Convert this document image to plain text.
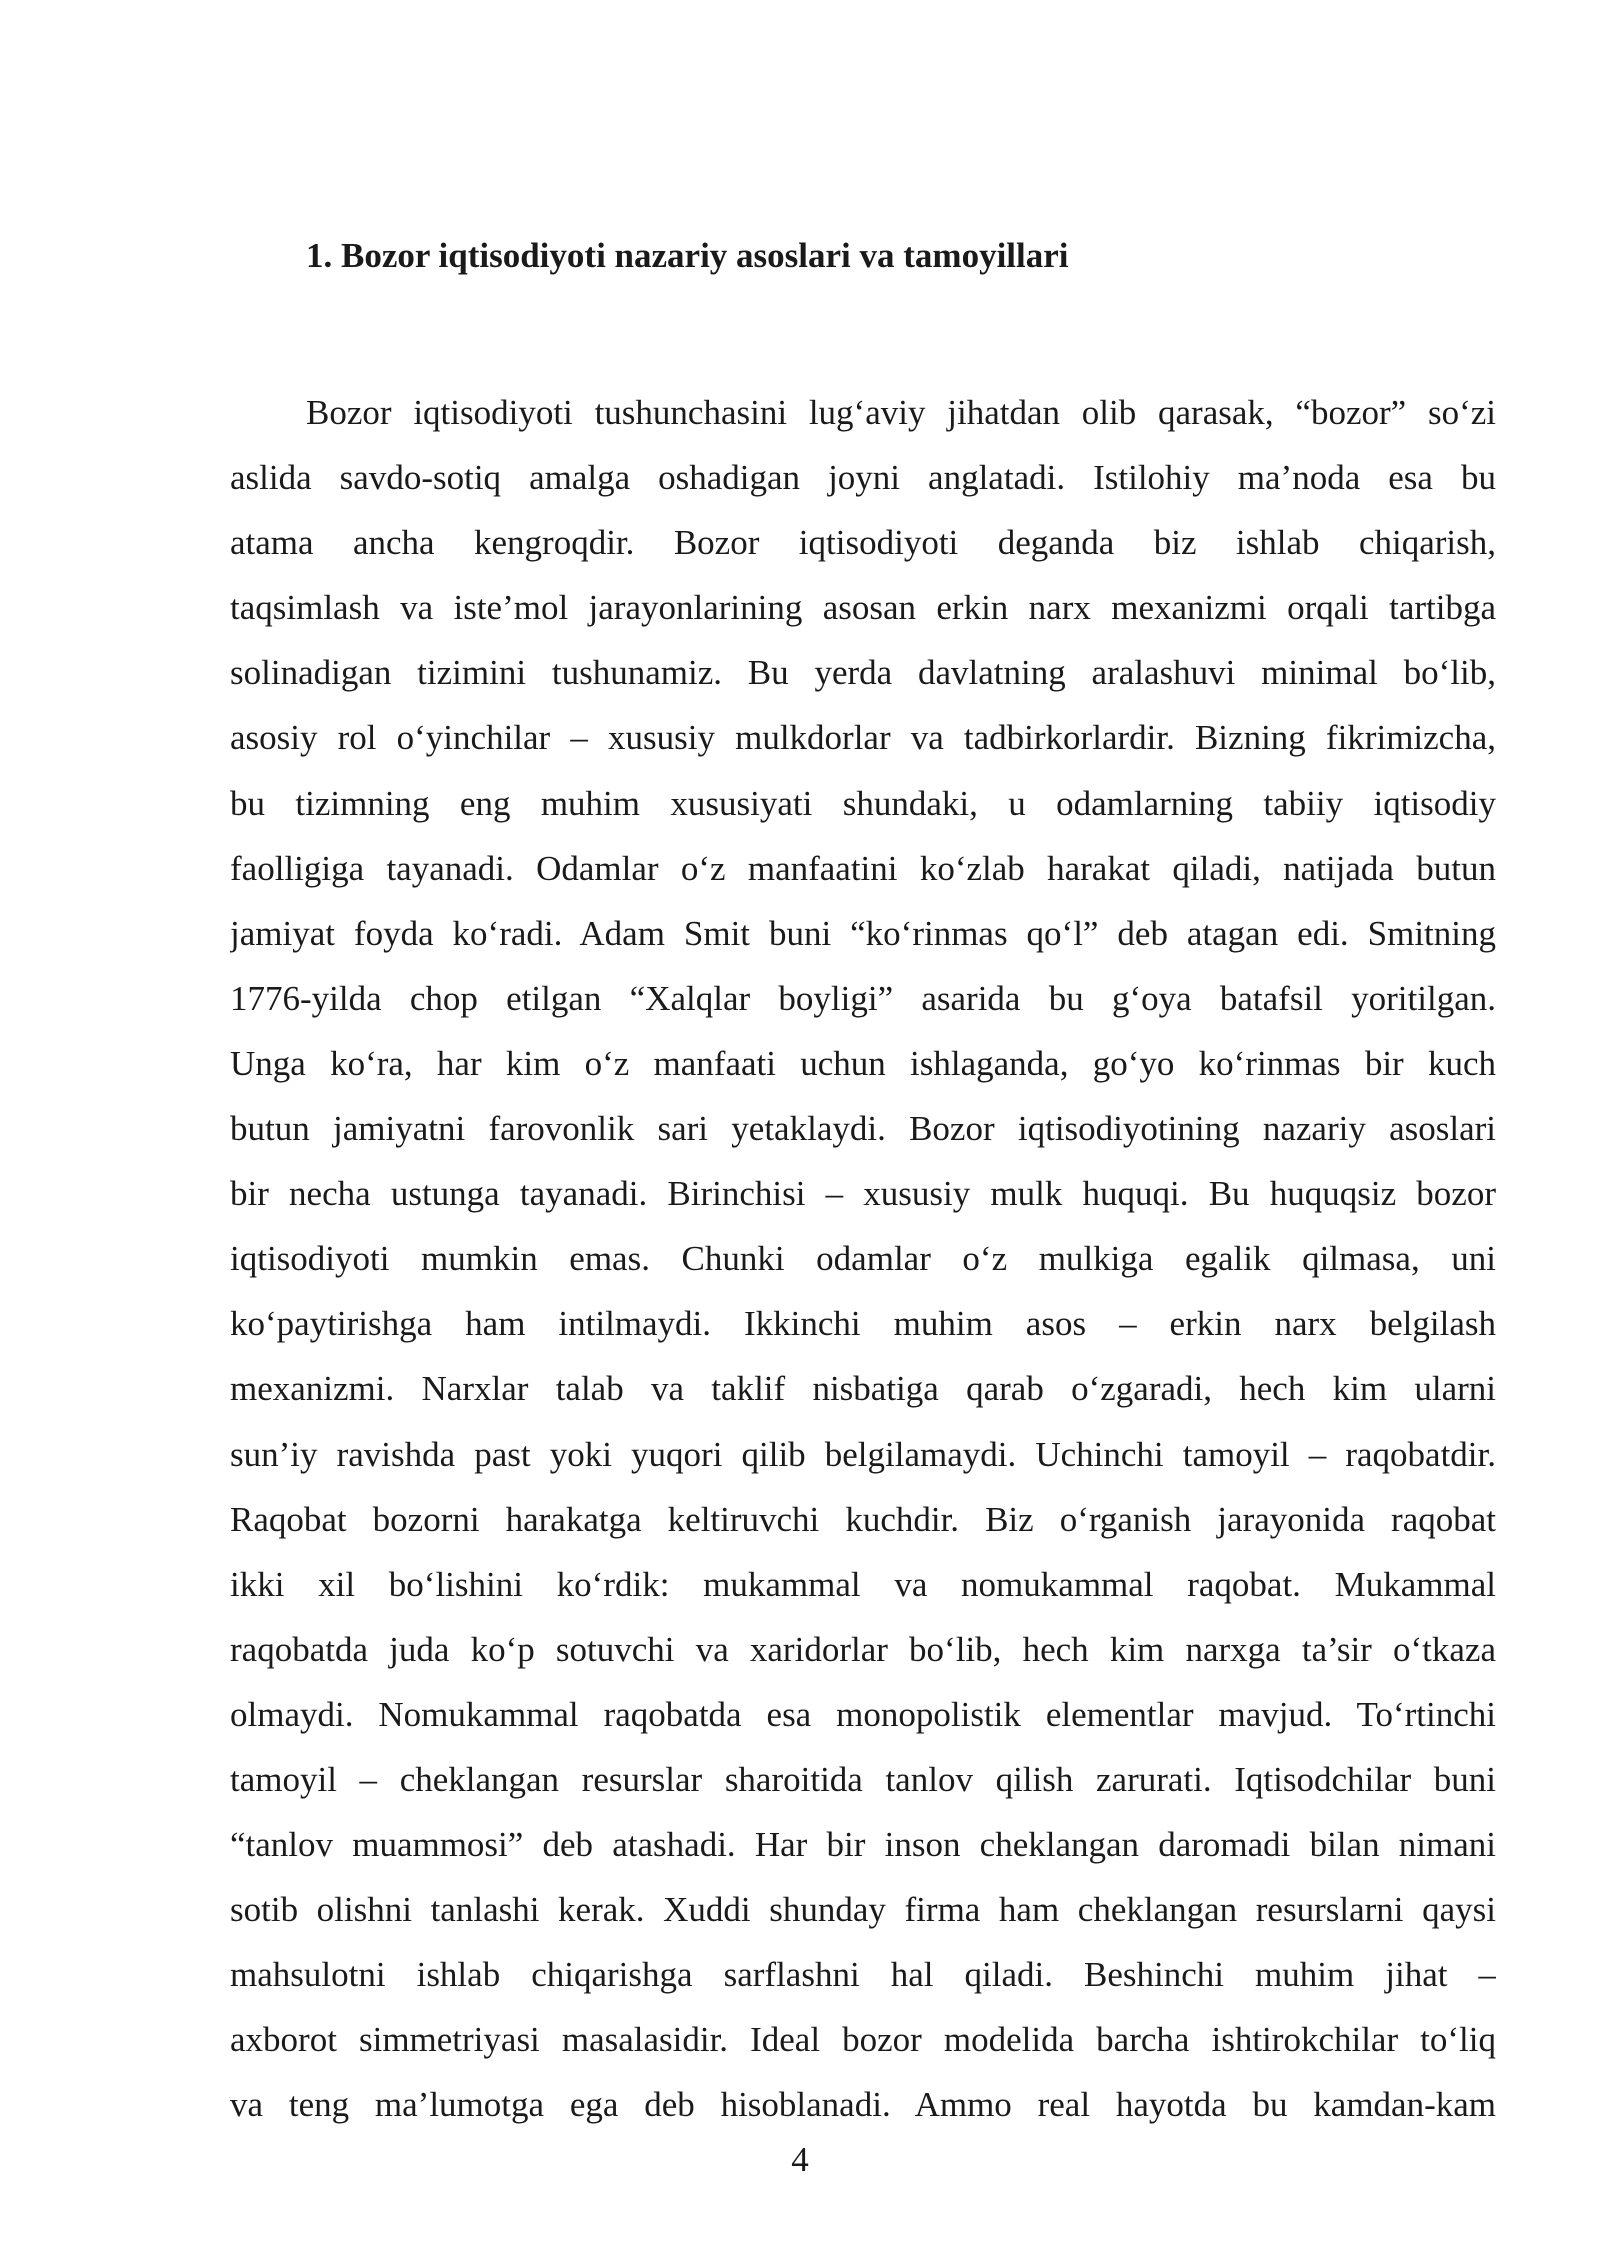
1. Bozor iqtisodiyoti nazariy asoslari va tamoyillari
Bozor iqtisodiyoti tushunchasini lug‘aviy jihatdan olib qarasak, “bozor” so‘zi
aslida savdo-sotiq amalga oshadigan joyni anglatadi. Istilohiy ma’noda esa bu
atama ancha kengroqdir. Bozor iqtisodiyoti deganda biz ishlab chiqarish,
taqsimlash va iste’mol jarayonlarining asosan erkin narx mexanizmi orqali tartibga
solinadigan tizimini tushunamiz. Bu yerda davlatning aralashuvi minimal bo‘lib,
asosiy rol o‘yinchilar – xususiy mulkdorlar va tadbirkorlardir. Bizning fikrimizcha,
bu tizimning eng muhim xususiyati shundaki, u odamlarning tabiiy iqtisodiy
faolligiga tayanadi. Odamlar o‘z manfaatini ko‘zlab harakat qiladi, natijada butun
jamiyat foyda ko‘radi. Adam Smit buni “ko‘rinmas qo‘l” deb atagan edi. Smitning
1776-yilda chop etilgan “Xalqlar boyligi” asarida bu g‘oya batafsil yoritilgan.
Unga ko‘ra, har kim o‘z manfaati uchun ishlaganda, go‘yo ko‘rinmas bir kuch
butun jamiyatni farovonlik sari yetaklaydi. Bozor iqtisodiyotining nazariy asoslari
bir necha ustunga tayanadi. Birinchisi – xususiy mulk huquqi. Bu huquqsiz bozor
iqtisodiyoti mumkin emas. Chunki odamlar o‘z mulkiga egalik qilmasa, uni
ko‘paytirishga ham intilmaydi. Ikkinchi muhim asos – erkin narx belgilash
mexanizmi. Narxlar talab va taklif nisbatiga qarab o‘zgaradi, hech kim ularni
sun’iy ravishda past yoki yuqori qilib belgilamaydi. Uchinchi tamoyil – raqobatdir.
Raqobat bozorni harakatga keltiruvchi kuchdir. Biz o‘rganish jarayonida raqobat
ikki xil bo‘lishini ko‘rdik: mukammal va nomukammal raqobat. Mukammal
raqobatda juda ko‘p sotuvchi va xaridorlar bo‘lib, hech kim narxga ta’sir o‘tkaza
olmaydi. Nomukammal raqobatda esa monopolistik elementlar mavjud. To‘rtinchi
tamoyil – cheklangan resurslar sharoitida tanlov qilish zarurati. Iqtisodchilar buni
“tanlov muammosi” deb atashadi. Har bir inson cheklangan daromadi bilan nimani
sotib olishni tanlashi kerak. Xuddi shunday firma ham cheklangan resurslarni qaysi
mahsulotni ishlab chiqarishga sarflashni hal qiladi. Beshinchi muhim jihat –
axborot simmetriyasi masalasidir. Ideal bozor modelida barcha ishtirokchilar to‘liq
va teng ma’lumotga ega deb hisoblanadi. Ammo real hayotda bu kamdan-kam
4
